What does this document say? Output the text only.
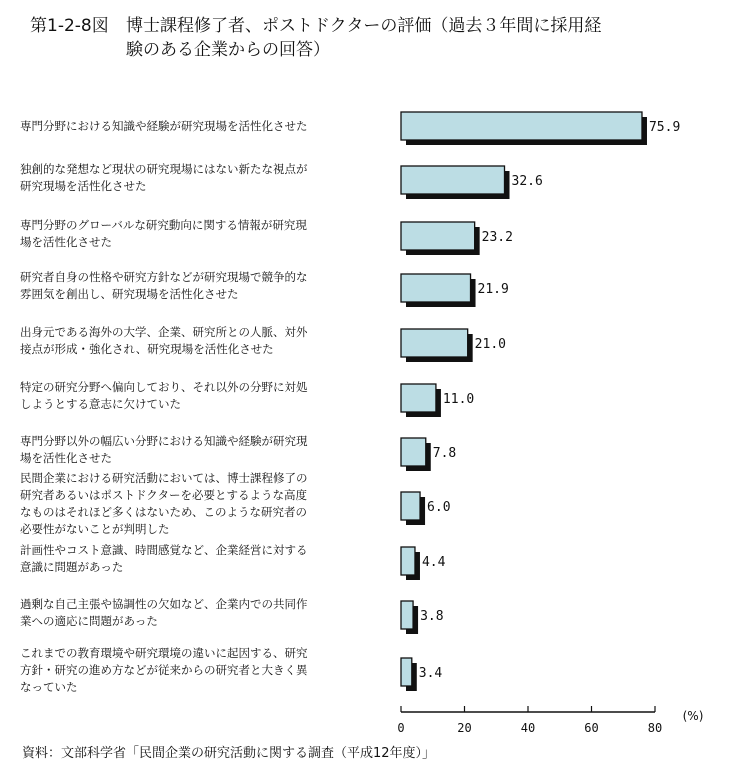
第1-2-8図 博士課程修了者、ポストドクターの評価（過去３年間に採用経
験のある企業からの回答）
専門分野における知識や経験が研究現場を活性化させた
独創的な発想など現状の研究現場にはない新たな視点が
研究現場を活性化させた
専門分野のグローバルな研究動向に関する情報が研究現
場を活性化させた
研究者自身の性格や研究方針などが研究現場で競争的な
雰囲気を創出し、研究現場を活性化させた
出身元である海外の大学、企業、研究所との人脈、対外
接点が形成・強化され、研究現場を活性化させた
特定の研究分野へ偏向しており、それ以外の分野に対処
しようとする意志に欠けていた
専門分野以外の幅広い分野における知識や経験が研究現
場を活性化させた
民間企業における研究活動においては、博士課程修了の
研究者あるいはポストドクターを必要とするような高度
なものはそれほど多くはないため、このような研究者の
必要性がないことが判明した
計画性やコスト意識、時間感覚など、企業経営に対する
意識に問題があった
過剰な自己主張や協調性の欠如など、企業内での共同作
業への適応に問題があった
これまでの教育環境や研究環境の違いに起因する、研究
方針・研究の進め方などが従来からの研究者と大きく異
なっていた
0	20	40	60	80
(%)
75.9
32.6
23.2
21.9
21.0
11.0
7.8
6.0
4.4
3.8
3.4
資料：文部科学省「民間企業の研究活動に関する調査（平成12年度）」
